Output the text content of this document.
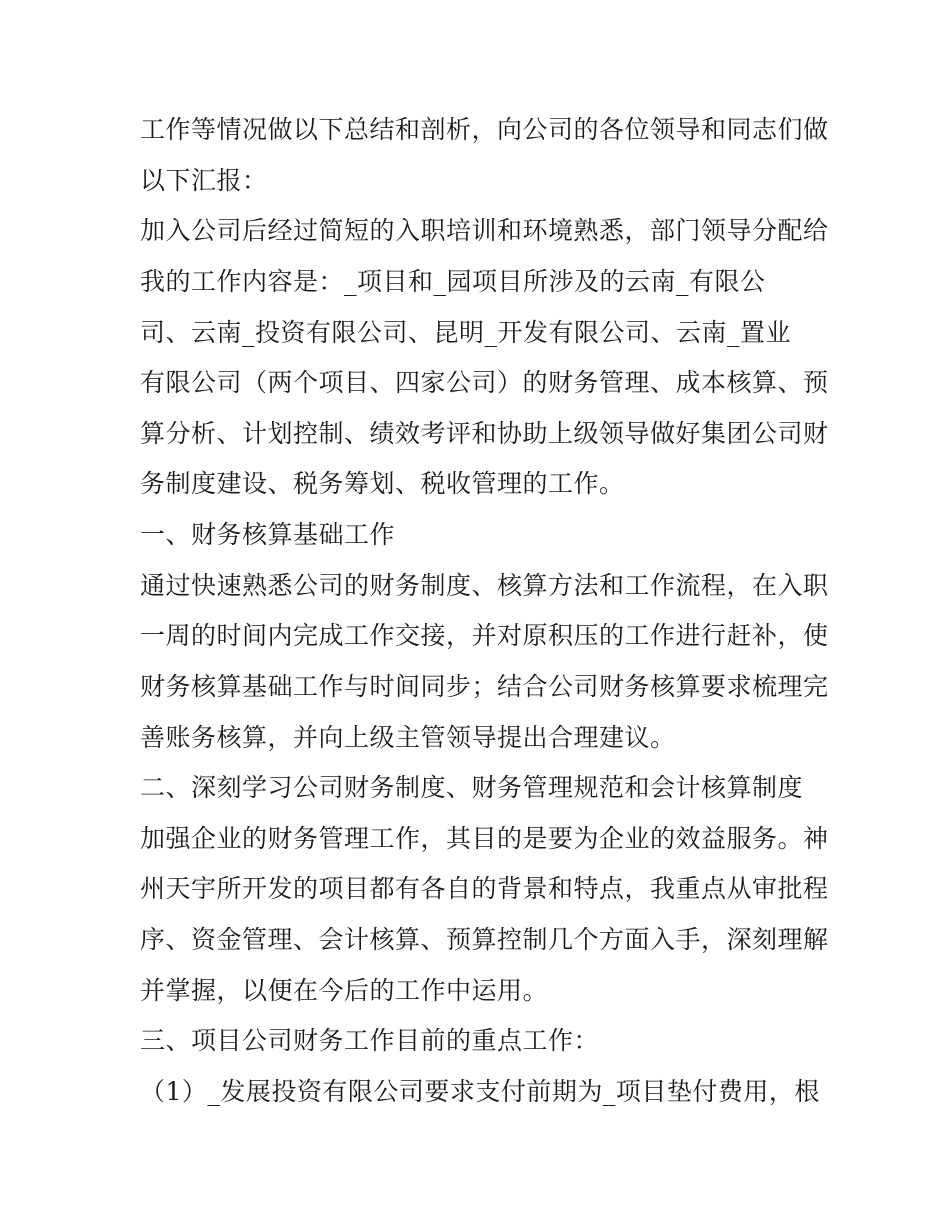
工作等情况做以下总结和剖析，向公司的各位领导和同志们做
以下汇报：
加入公司后经过简短的入职培训和环境熟悉，部门领导分配给
我的工作内容是：_项目和_园项目所涉及的云南_有限公
司、云南_投资有限公司、昆明_开发有限公司、云南_置业
有限公司（两个项目、四家公司）的财务管理、成本核算、预
算分析、计划控制、绩效考评和协助上级领导做好集团公司财
务制度建设、税务筹划、税收管理的工作。
一、财务核算基础工作
通过快速熟悉公司的财务制度、核算方法和工作流程，在入职
一周的时间内完成工作交接，并对原积压的工作进行赶补，使
财务核算基础工作与时间同步；结合公司财务核算要求梳理完
善账务核算，并向上级主管领导提出合理建议。
二、深刻学习公司财务制度、财务管理规范和会计核算制度
加强企业的财务管理工作，其目的是要为企业的效益服务。神
州天宇所开发的项目都有各自的背景和特点，我重点从审批程
序、资金管理、会计核算、预算控制几个方面入手，深刻理解
并掌握，以便在今后的工作中运用。
三、项目公司财务工作目前的重点工作：
（1）_发展投资有限公司要求支付前期为_项目垫付费用，根
